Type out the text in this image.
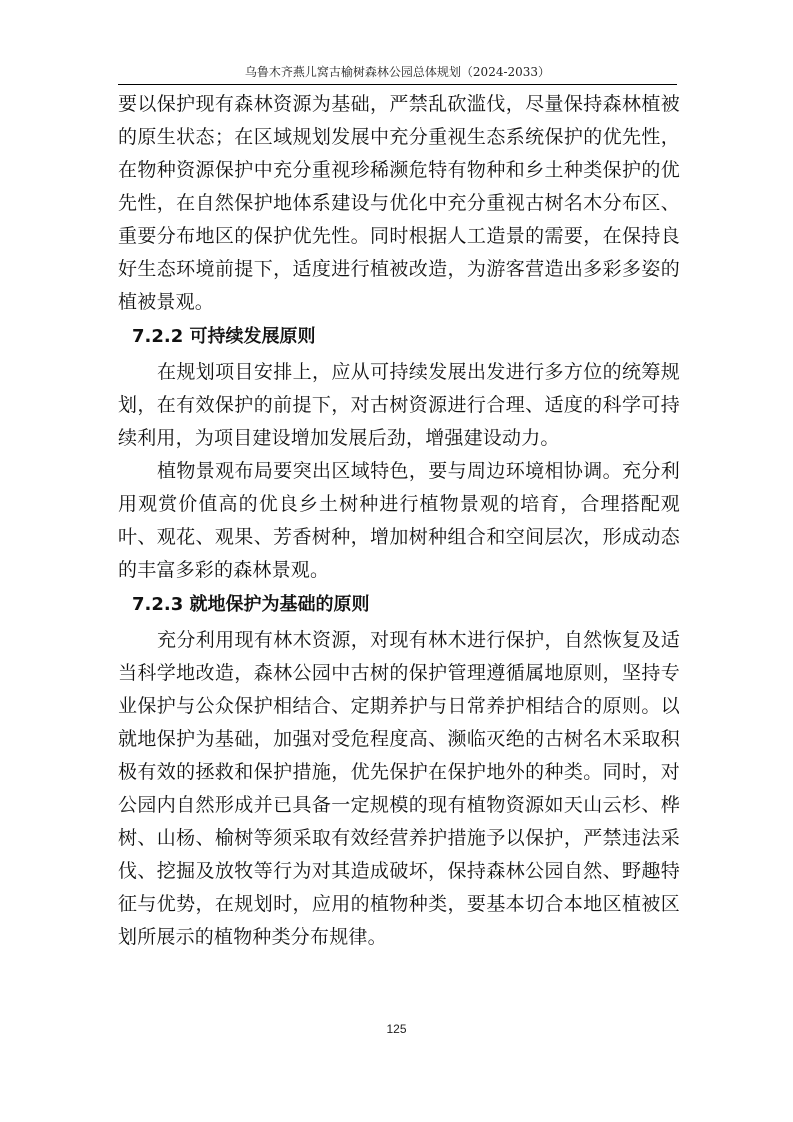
乌鲁木齐燕儿窝古榆树森林公园总体规划（2024-2033）

要以保护现有森林资源为基础，严禁乱砍滥伐，尽量保持森林植被的原生状态；在区域规划发展中充分重视生态系统保护的优先性，在物种资源保护中充分重视珍稀濒危特有物种和乡土种类保护的优先性，在自然保护地体系建设与优化中充分重视古树名木分布区、重要分布地区的保护优先性。同时根据人工造景的需要，在保持良好生态环境前提下，适度进行植被改造，为游客营造出多彩多姿的植被景观。

7.2.2 可持续发展原则

在规划项目安排上，应从可持续发展出发进行多方位的统筹规划，在有效保护的前提下，对古树资源进行合理、适度的科学可持续利用，为项目建设增加发展后劲，增强建设动力。

植物景观布局要突出区域特色，要与周边环境相协调。充分利用观赏价值高的优良乡土树种进行植物景观的培育，合理搭配观叶、观花、观果、芳香树种，增加树种组合和空间层次，形成动态的丰富多彩的森林景观。

7.2.3 就地保护为基础的原则

充分利用现有林木资源，对现有林木进行保护，自然恢复及适当科学地改造，森林公园中古树的保护管理遵循属地原则，坚持专业保护与公众保护相结合、定期养护与日常养护相结合的原则。以就地保护为基础，加强对受危程度高、濒临灭绝的古树名木采取积极有效的拯救和保护措施，优先保护在保护地外的种类。同时，对公园内自然形成并已具备一定规模的现有植物资源如天山云杉、桦树、山杨、榆树等须采取有效经营养护措施予以保护，严禁违法采伐、挖掘及放牧等行为对其造成破坏，保持森林公园自然、野趣特征与优势，在规划时，应用的植物种类，要基本切合本地区植被区划所展示的植物种类分布规律。

125
